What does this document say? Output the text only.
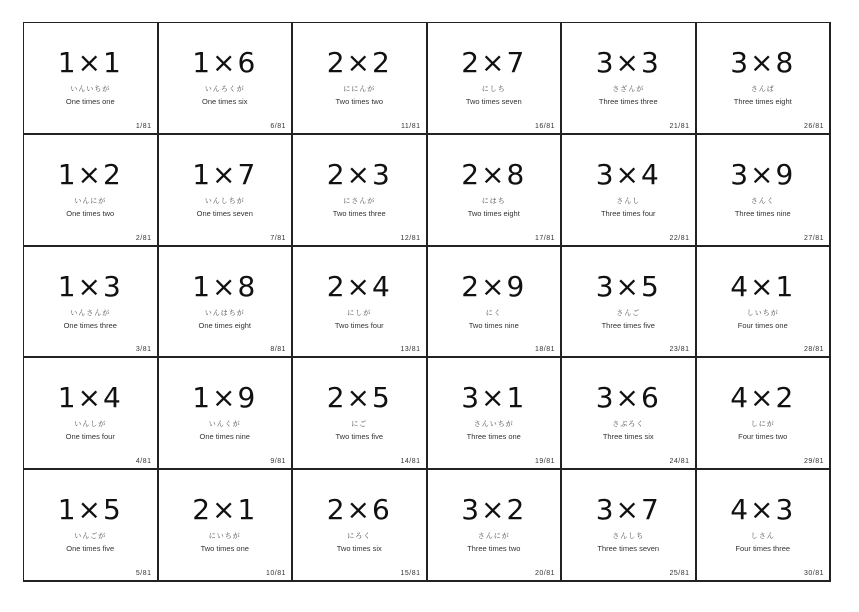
1×1
いんいちが
One times one
1/81
1×6
いんろくが
One times six
6/81
2×2
ににんが
Two times two
11/81
2×7
にしち
Two times seven
16/81
3×3
さざんが
Three times three
21/81
3×8
さんぱ
Three times eight
26/81
1×2
いんにが
One times two
2/81
1×7
いんしちが
One times seven
7/81
2×3
にさんが
Two times three
12/81
2×8
にはち
Two times eight
17/81
3×4
さんし
Three times four
22/81
3×9
さんく
Three times nine
27/81
1×3
いんさんが
One times three
3/81
1×8
いんはちが
One times eight
8/81
2×4
にしが
Two times four
13/81
2×9
にく
Two times nine
18/81
3×5
さんご
Three times five
23/81
4×1
しいちが
Four times one
28/81
1×4
いんしが
One times four
4/81
1×9
いんくが
One times nine
9/81
2×5
にご
Two times five
14/81
3×1
さんいちが
Three times one
19/81
3×6
さぶろく
Three times six
24/81
4×2
しにが
Four times two
29/81
1×5
いんごが
One times five
5/81
2×1
にいちが
Two times one
10/81
2×6
にろく
Two times six
15/81
3×2
さんにが
Three times two
20/81
3×7
さんしち
Three times seven
25/81
4×3
しさん
Four times three
30/81
